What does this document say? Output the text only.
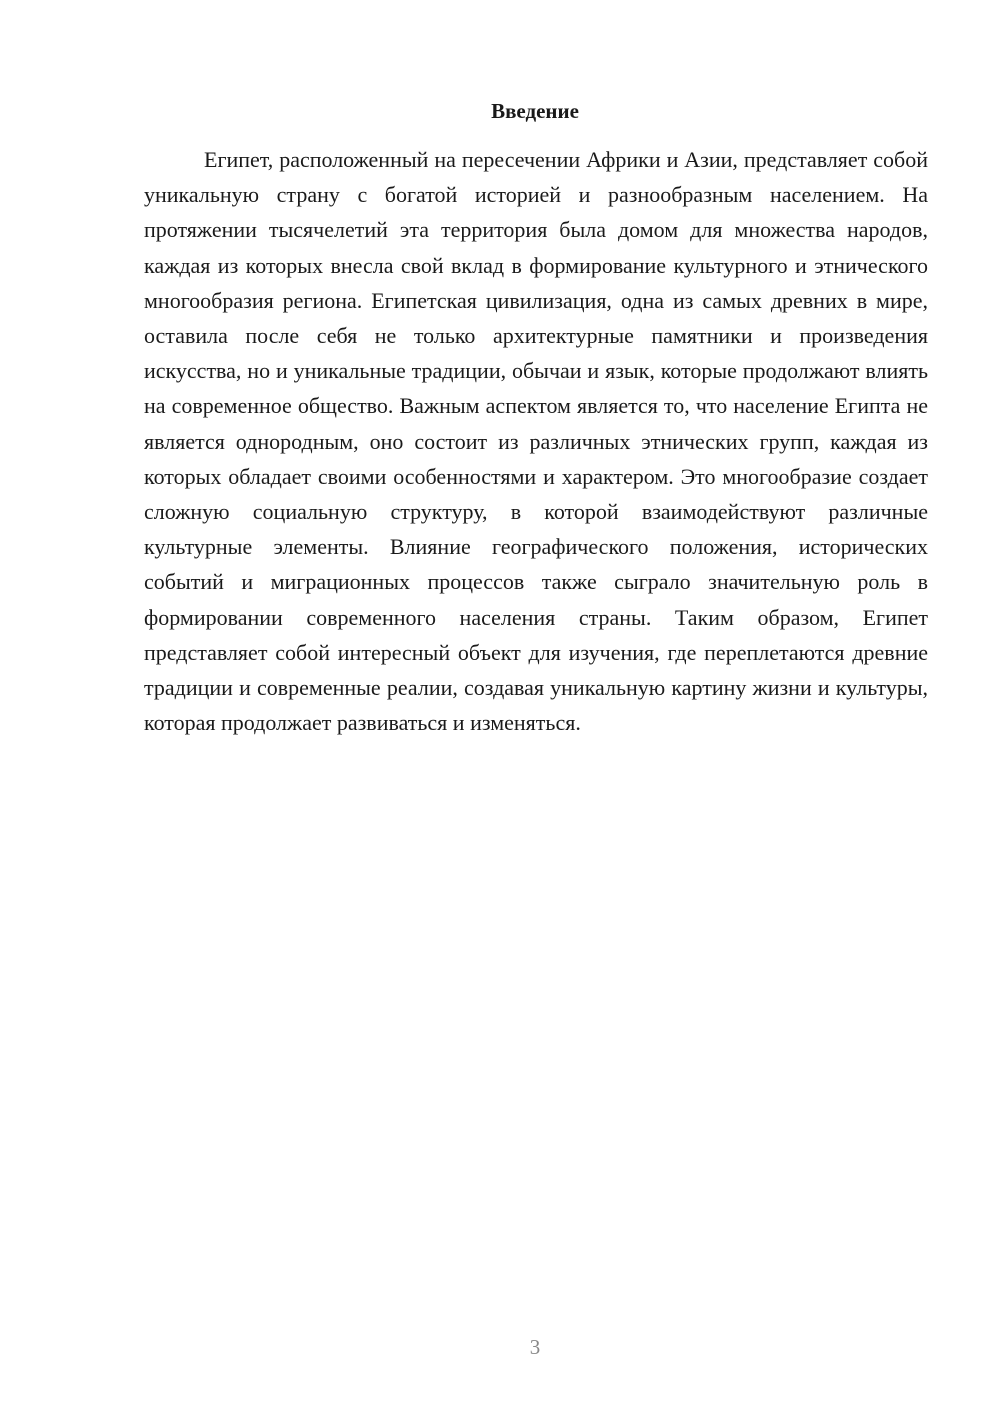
Введение

Египет, расположенный на пересечении Африки и Азии, представляет собой уникальную страну с богатой историей и разнообразным населением. На протяжении тысячелетий эта территория была домом для множества народов, каждая из которых внесла свой вклад в формирование культурного и этнического многообразия региона. Египетская цивилизация, одна из самых древних в мире, оставила после себя не только архитектурные памятники и произведения искусства, но и уникальные традиции, обычаи и язык, которые продолжают влиять на современное общество. Важным аспектом является то, что население Египта не является однородным, оно состоит из различных этнических групп, каждая из которых обладает своими особенностями и характером. Это многообразие создает сложную социальную структуру, в которой взаимодействуют различные культурные элементы. Влияние географического положения, исторических событий и миграционных процессов также сыграло значительную роль в формировании современного населения страны. Таким образом, Египет представляет собой интересный объект для изучения, где переплетаются древние традиции и современные реалии, создавая уникальную картину жизни и культуры, которая продолжает развиваться и изменяться.

3
